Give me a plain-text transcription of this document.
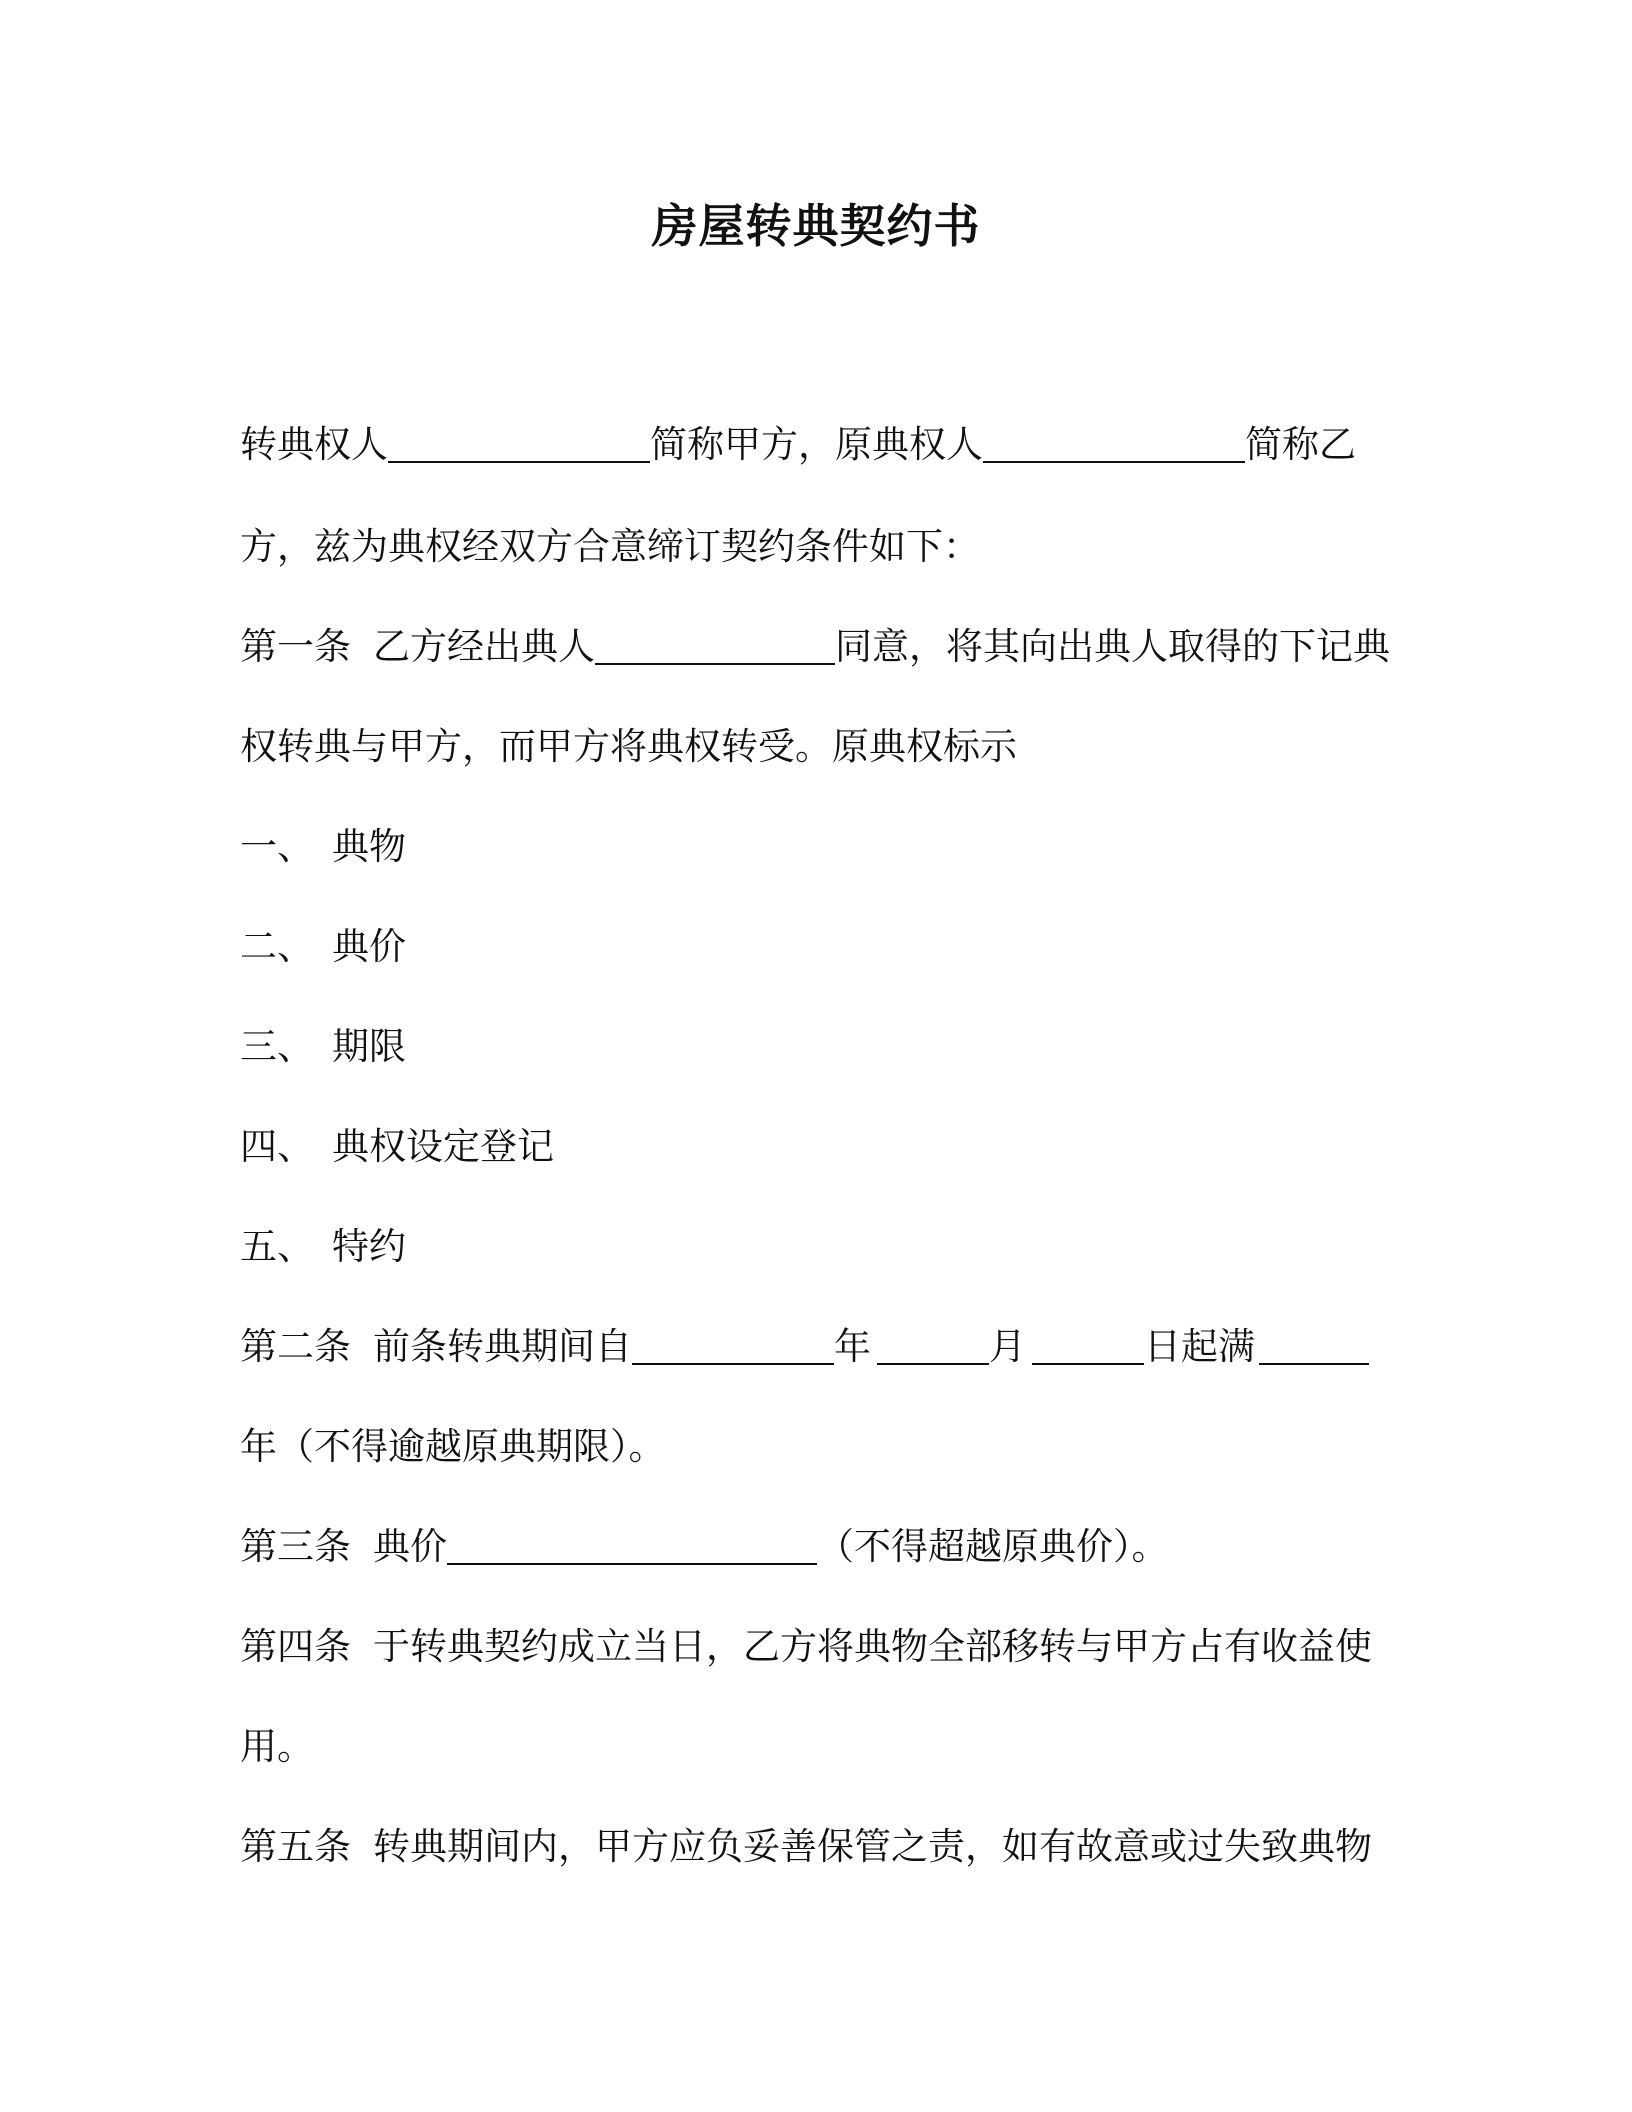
房屋转典契约书
转典权人	简称甲方，原典权人	简称乙
方，兹为典权经双方合意缔订契约条件如下：
第一条 乙方经出典人	同意，将其向出典人取得的下记典
权转典与甲方，而甲方将典权转受。原典权标示
一、 典物
二、 典价
三、 期限
四、 典权设定登记
五、 特约
第二条 前条转典期间自	年	月	日起满
年（不得逾越原典期限）。
第三条 典价	（不得超越原典价）。
第四条 于转典契约成立当日，乙方将典物全部移转与甲方占有收益使
用。
第五条 转典期间内，甲方应负妥善保管之责，如有故意或过失致典物
